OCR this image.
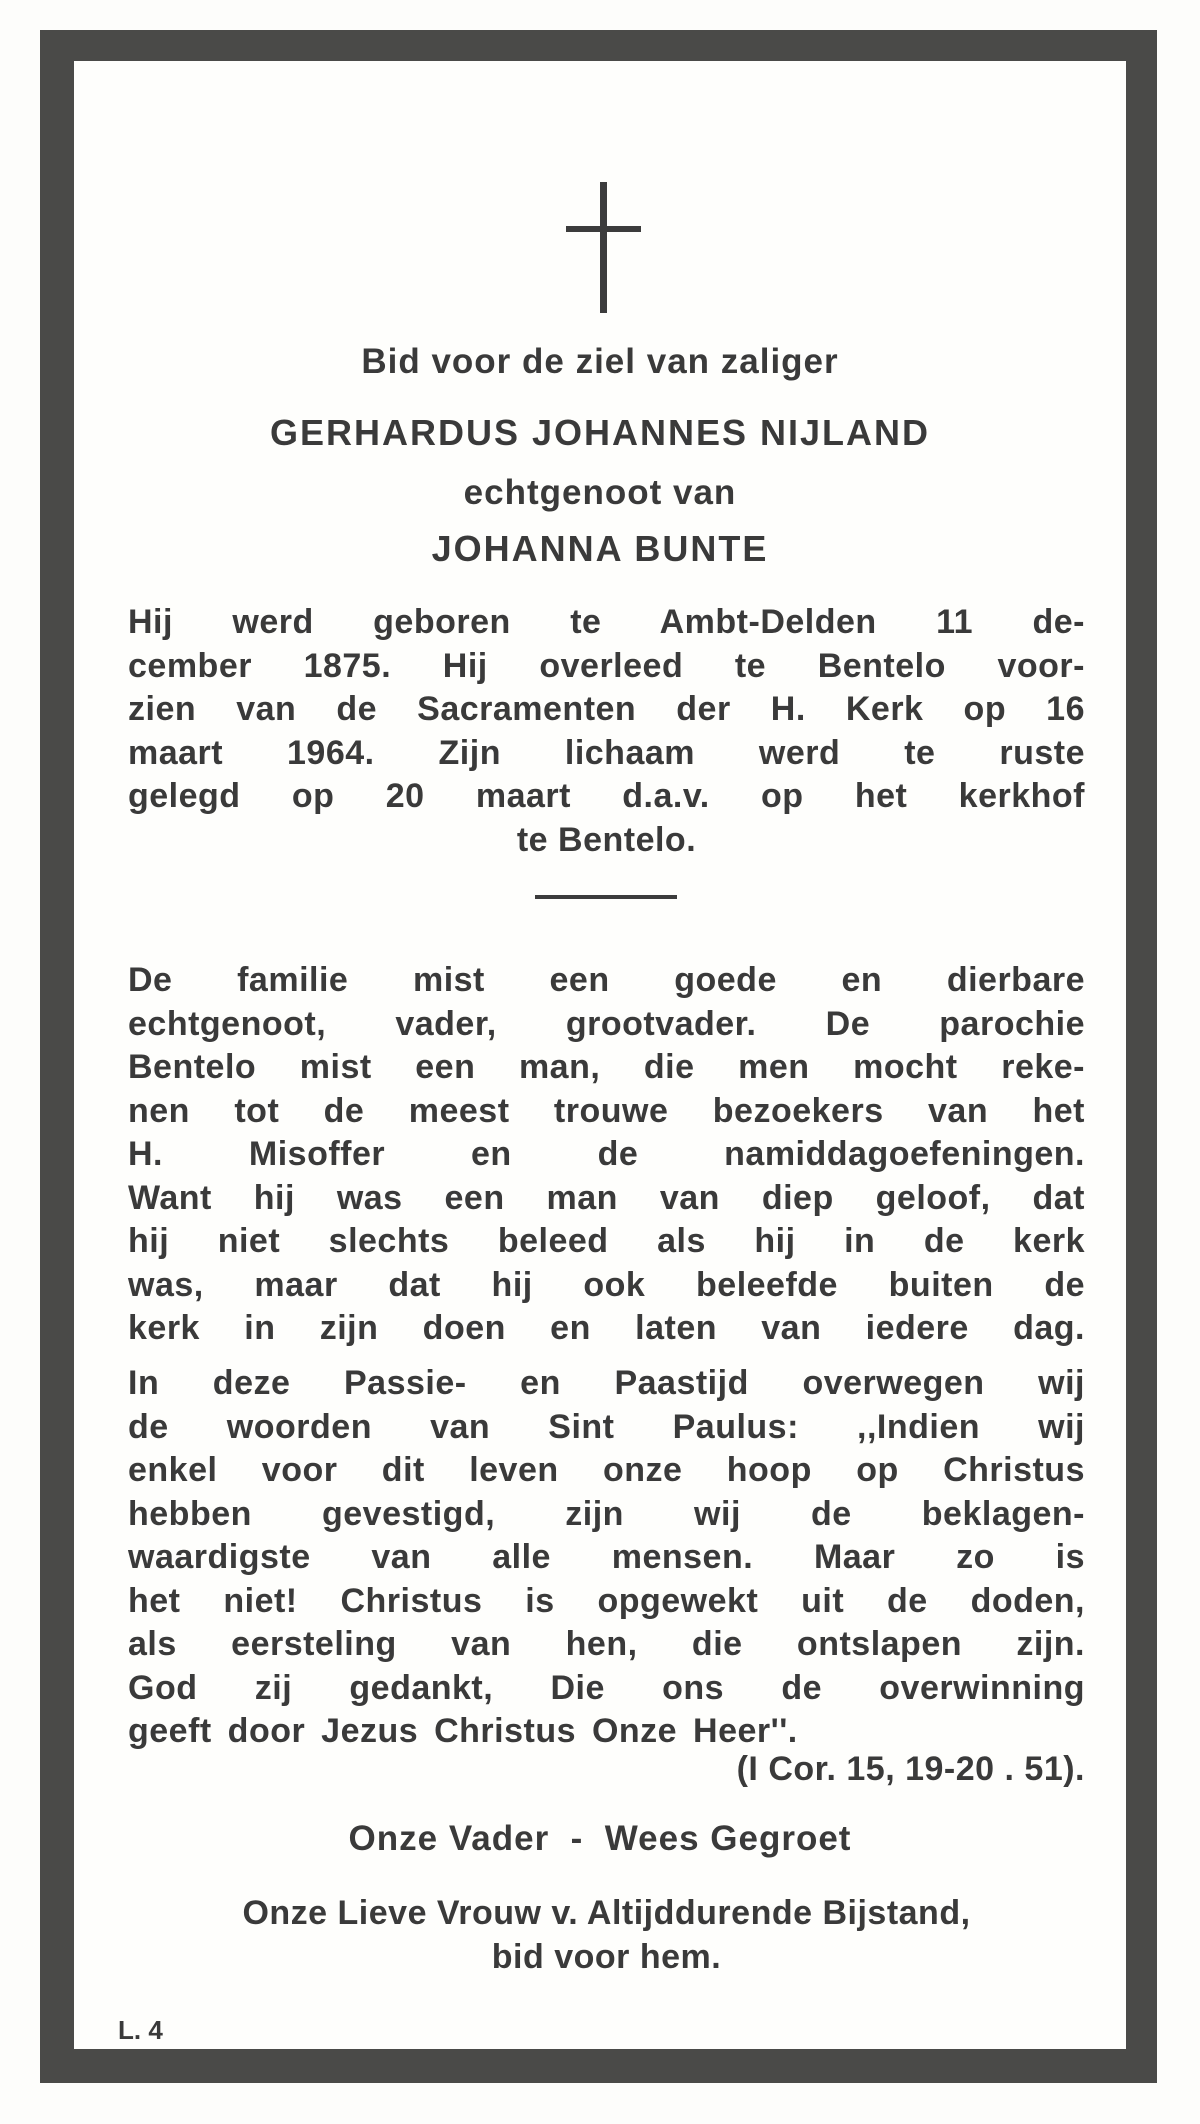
Bid voor de ziel van zaliger
GERHARDUS JOHANNES NIJLAND
echtgenoot van
JOHANNA BUNTE
Hij werd geboren te Ambt-Delden 11 de-
cember 1875. Hij overleed te Bentelo voor-
zien van de Sacramenten der H. Kerk op 16
maart 1964. Zijn lichaam werd te ruste
gelegd op 20 maart d.a.v. op het kerkhof
te Bentelo.
De familie mist een goede en dierbare
echtgenoot, vader, grootvader. De parochie
Bentelo mist een man, die men mocht reke-
nen tot de meest trouwe bezoekers van het
H. Misoffer en de namiddagoefeningen.
Want hij was een man van diep geloof, dat
hij niet slechts beleed als hij in de kerk
was, maar dat hij ook beleefde buiten de
kerk in zijn doen en laten van iedere dag.
In deze Passie- en Paastijd overwegen wij
de woorden van Sint Paulus: ,,Indien wij
enkel voor dit leven onze hoop op Christus
hebben gevestigd, zijn wij de beklagen-
waardigste van alle mensen. Maar zo is
het niet! Christus is opgewekt uit de doden,
als eersteling van hen, die ontslapen zijn.
God zij gedankt, Die ons de overwinning
geeft door Jezus Christus Onze Heer''.
(I Cor. 15, 19-20 . 51).
Onze Vader  -  Wees Gegroet
Onze Lieve Vrouw v. Altijddurende Bijstand,
bid voor hem.
L. 4
